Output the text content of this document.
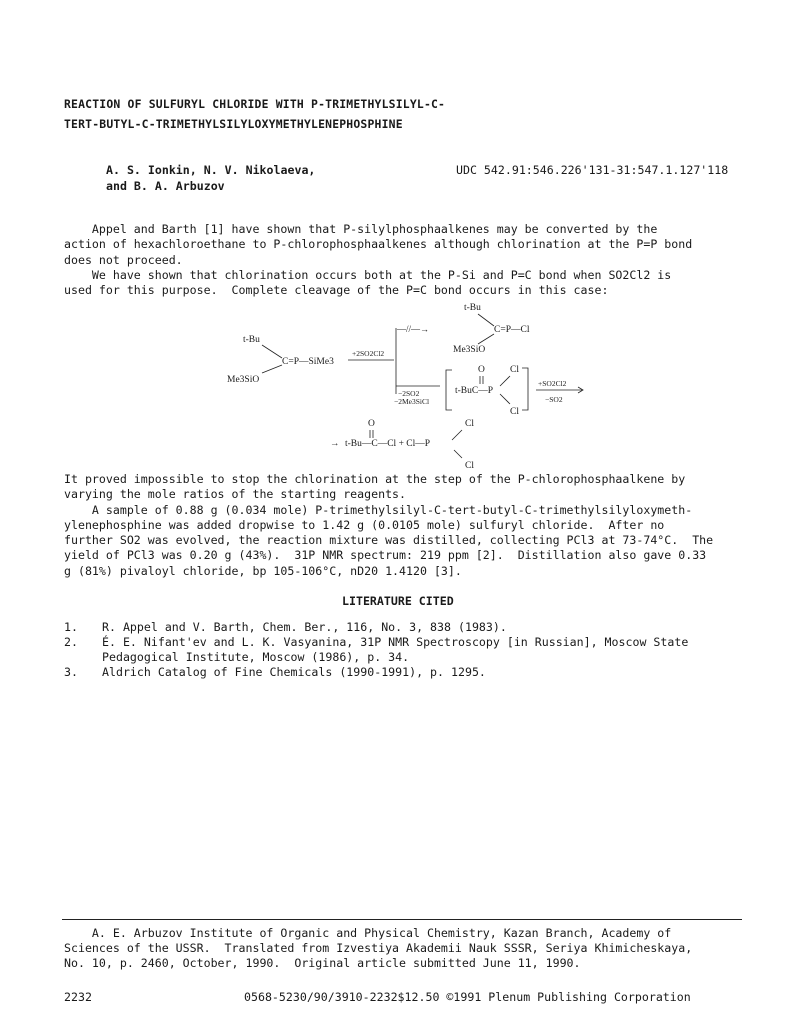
REACTION OF SULFURYL CHLORIDE WITH P-TRIMETHYLSILYL-C-
TERT-BUTYL-C-TRIMETHYLSILYLOXYMETHYLENEPHOSPHINE
A. S. Ionkin, N. V. Nikolaeva,
and B. A. Arbuzov
UDC 542.91:546.226'131-31:547.1.127'118
Appel and Barth [1] have shown that P-silylphosphaalkenes may be converted by the
action of hexachloroethane to P-chlorophosphaalkenes although chlorination at the P=P bond
does not proceed.
We have shown that chlorination occurs both at the P-Si and P=C bond when SO2Cl2 is
used for this purpose.  Complete cleavage of the P=C bond occurs in this case:
t-Bu
C=P—SiMe3
Me3SiO
+2SO2Cl2
—//—→
t-Bu
C=P—Cl
Me3SiO
−2SO2
−2Me3SiCl
O
t-BuC—P
Cl
Cl
+SO2Cl2
−SO2
O	Cl
→ t-Bu—C—Cl + Cl—P
Cl
It proved impossible to stop the chlorination at the step of the P-chlorophosphaalkene by
varying the mole ratios of the starting reagents.
A sample of 0.88 g (0.034 mole) P-trimethylsilyl-C-tert-butyl-C-trimethylsilyloxymeth-
ylenephosphine was added dropwise to 1.42 g (0.0105 mole) sulfuryl chloride.  After no
further SO2 was evolved, the reaction mixture was distilled, collecting PCl3 at 73-74°C.  The
yield of PCl3 was 0.20 g (43%).  31P NMR spectrum: 219 ppm [2].  Distillation also gave 0.33
g (81%) pivaloyl chloride, bp 105-106°C, nD20 1.4120 [3].
LITERATURE CITED
1. R. Appel and V. Barth, Chem. Ber., 116, No. 3, 838 (1983).
2. É. E. Nifant'ev and L. K. Vasyanina, 31P NMR Spectroscopy [in Russian], Moscow State
Pedagogical Institute, Moscow (1986), p. 34.
3. Aldrich Catalog of Fine Chemicals (1990-1991), p. 1295.
A. E. Arbuzov Institute of Organic and Physical Chemistry, Kazan Branch, Academy of
Sciences of the USSR.  Translated from Izvestiya Akademii Nauk SSSR, Seriya Khimicheskaya,
No. 10, p. 2460, October, 1990.  Original article submitted June 11, 1990.
2232	0568-5230/90/3910-2232$12.50 ©1991 Plenum Publishing Corporation
